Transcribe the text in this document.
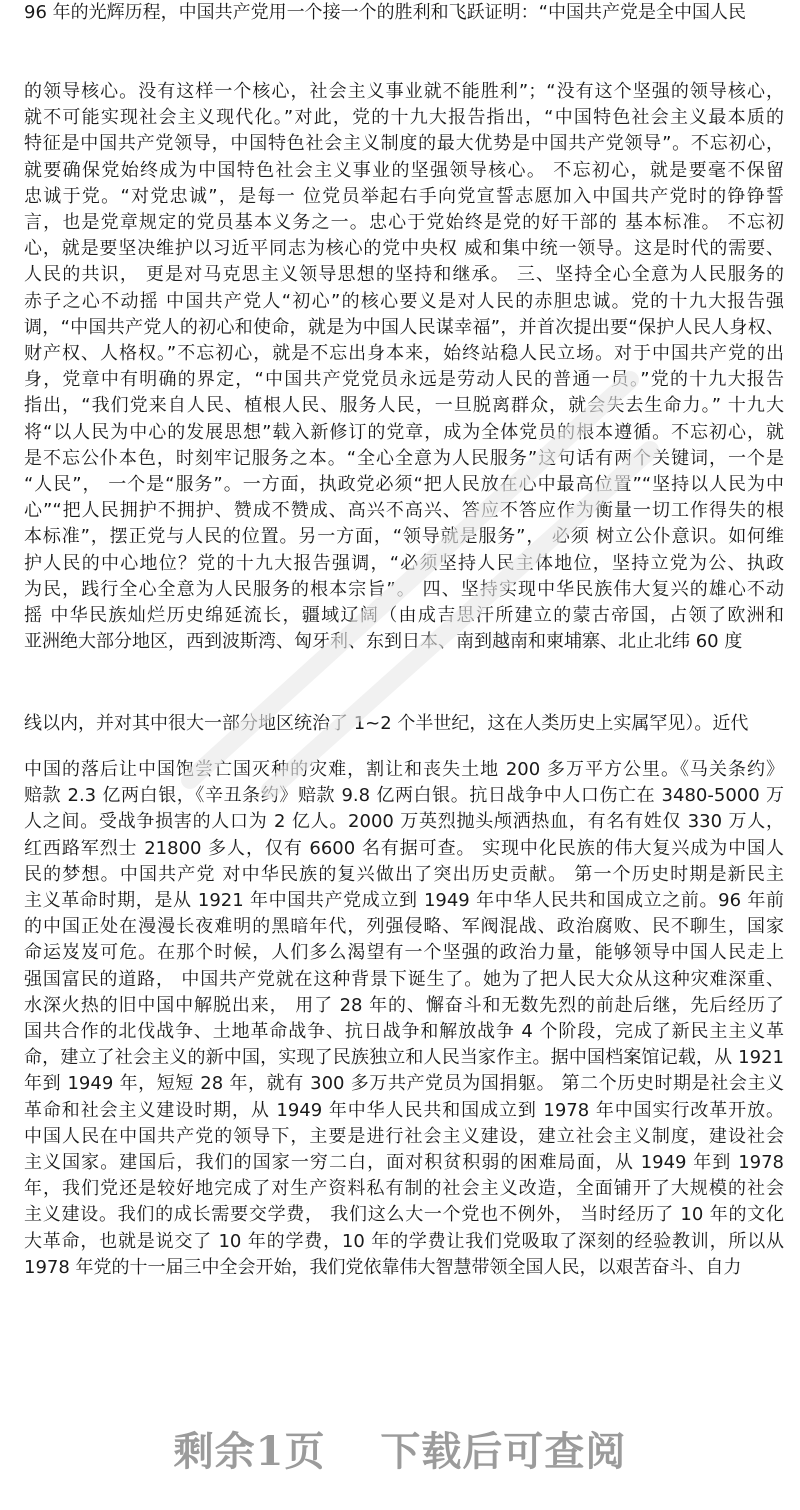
96 年的光辉历程，中国共产党用一个接一个的胜利和飞跃证明：“中国共产党是全中国人民
的领导核心。没有这样一个核心，社会主义事业就不能胜利”；“没有这个坚强的领导核心，
就不可能实现社会主义现代化。”对此，党的十九大报告指出，“中国特色社会主义最本质的
特征是中国共产党领导，中国特色社会主义制度的最大优势是中国共产党领导”。不忘初心，
就要确保党始终成为中国特色社会主义事业的坚强领导核心。 不忘初心，就是要毫不保留
忠诚于党。“对党忠诚”，是每一 位党员举起右手向党宣誓志愿加入中国共产党时的铮铮誓
言，也是党章规定的党员基本义务之一。忠心于党始终是党的好干部的 基本标准。 不忘初
心，就是要坚决维护以习近平同志为核心的党中央权 威和集中统一领导。这是时代的需要、
人民的共识， 更是对马克思主义领导思想的坚持和继承。 三、坚持全心全意为人民服务的
赤子之心不动摇 中国共产党人“初心”的核心要义是对人民的赤胆忠诚。党的十九大报告强
调，“中国共产党人的初心和使命，就是为中国人民谋幸福”，并首次提出要“保护人民人身权、
财产权、人格权。”不忘初心，就是不忘出身本来，始终站稳人民立场。对于中国共产党的出
身，党章中有明确的界定，“中国共产党党员永远是劳动人民的普通一员。”党的十九大报告
指出，“我们党来自人民、植根人民、服务人民，一旦脱离群众，就会失去生命力。” 十九大
将“以人民为中心的发展思想”载入新修订的党章，成为全体党员的根本遵循。不忘初心，就
是不忘公仆本色，时刻牢记服务之本。“全心全意为人民服务”这句话有两个关键词，一个是
“人民”， 一个是“服务”。一方面，执政党必须“把人民放在心中最高位置”“坚持以人民为中
心”“把人民拥护不拥护、赞成不赞成、高兴不高兴、答应不答应作为衡量一切工作得失的根
本标准”，摆正党与人民的位置。另一方面，“领导就是服务”， 必须 树立公仆意识。如何维
护人民的中心地位？党的十九大报告强调，“必须坚持人民主体地位，坚持立党为公、执政
为民，践行全心全意为人民服务的根本宗旨”。 四、坚持实现中华民族伟大复兴的雄心不动
摇 中华民族灿烂历史绵延流长，疆域辽阔（由成吉思汗所建立的蒙古帝国，占领了欧洲和
亚洲绝大部分地区，西到波斯湾、匈牙利、东到日本、南到越南和柬埔寨、北止北纬 60 度
线以内，并对其中很大一部分地区统治了 1~2 个半世纪，这在人类历史上实属罕见）。近代
中国的落后让中国饱尝亡国灭种的灾难，割让和丧失土地 200 多万平方公里。《马关条约》
赔款 2.3 亿两白银，《辛丑条约》赔款 9.8 亿两白银。抗日战争中人口伤亡在 3480-5000 万
人之间。受战争损害的人口为 2 亿人。2000 万英烈抛头颅洒热血，有名有姓仅 330 万人，
红西路军烈士 21800 多人，仅有 6600 名有据可查。 实现中化民族的伟大复兴成为中国人
民的梦想。中国共产党 对中华民族的复兴做出了突出历史贡献。 第一个历史时期是新民主
主义革命时期，是从 1921 年中国共产党成立到 1949 年中华人民共和国成立之前。96 年前
的中国正处在漫漫长夜难明的黑暗年代，列强侵略、军阀混战、政治腐败、民不聊生，国家
命运岌岌可危。在那个时候，人们多么渴望有一个坚强的政治力量，能够领导中国人民走上
强国富民的道路， 中国共产党就在这种背景下诞生了。她为了把人民大众从这种灾难深重、
水深火热的旧中国中解脱出来， 用了 28 年的、懈奋斗和无数先烈的前赴后继，先后经历了
国共合作的北伐战争、土地革命战争、抗日战争和解放战争 4 个阶段，完成了新民主主义革
命，建立了社会主义的新中国，实现了民族独立和人民当家作主。据中国档案馆记载，从 1921
年到 1949 年，短短 28 年，就有 300 多万共产党员为国捐躯。 第二个历史时期是社会主义
革命和社会主义建设时期，从 1949 年中华人民共和国成立到 1978 年中国实行改革开放。
中国人民在中国共产党的领导下，主要是进行社会主义建设，建立社会主义制度，建设社会
主义国家。建国后，我们的国家一穷二白，面对积贫积弱的困难局面，从 1949 年到 1978
年，我们党还是较好地完成了对生产资料私有制的社会主义改造，全面铺开了大规模的社会
主义建设。我们的成长需要交学费， 我们这么大一个党也不例外， 当时经历了 10 年的文化
大革命，也就是说交了 10 年的学费，10 年的学费让我们党吸取了深刻的经验教训，所以从
1978 年党的十一届三中全会开始，我们党依靠伟大智慧带领全国人民，以艰苦奋斗、自力
剩余1页 下载后可查阅
